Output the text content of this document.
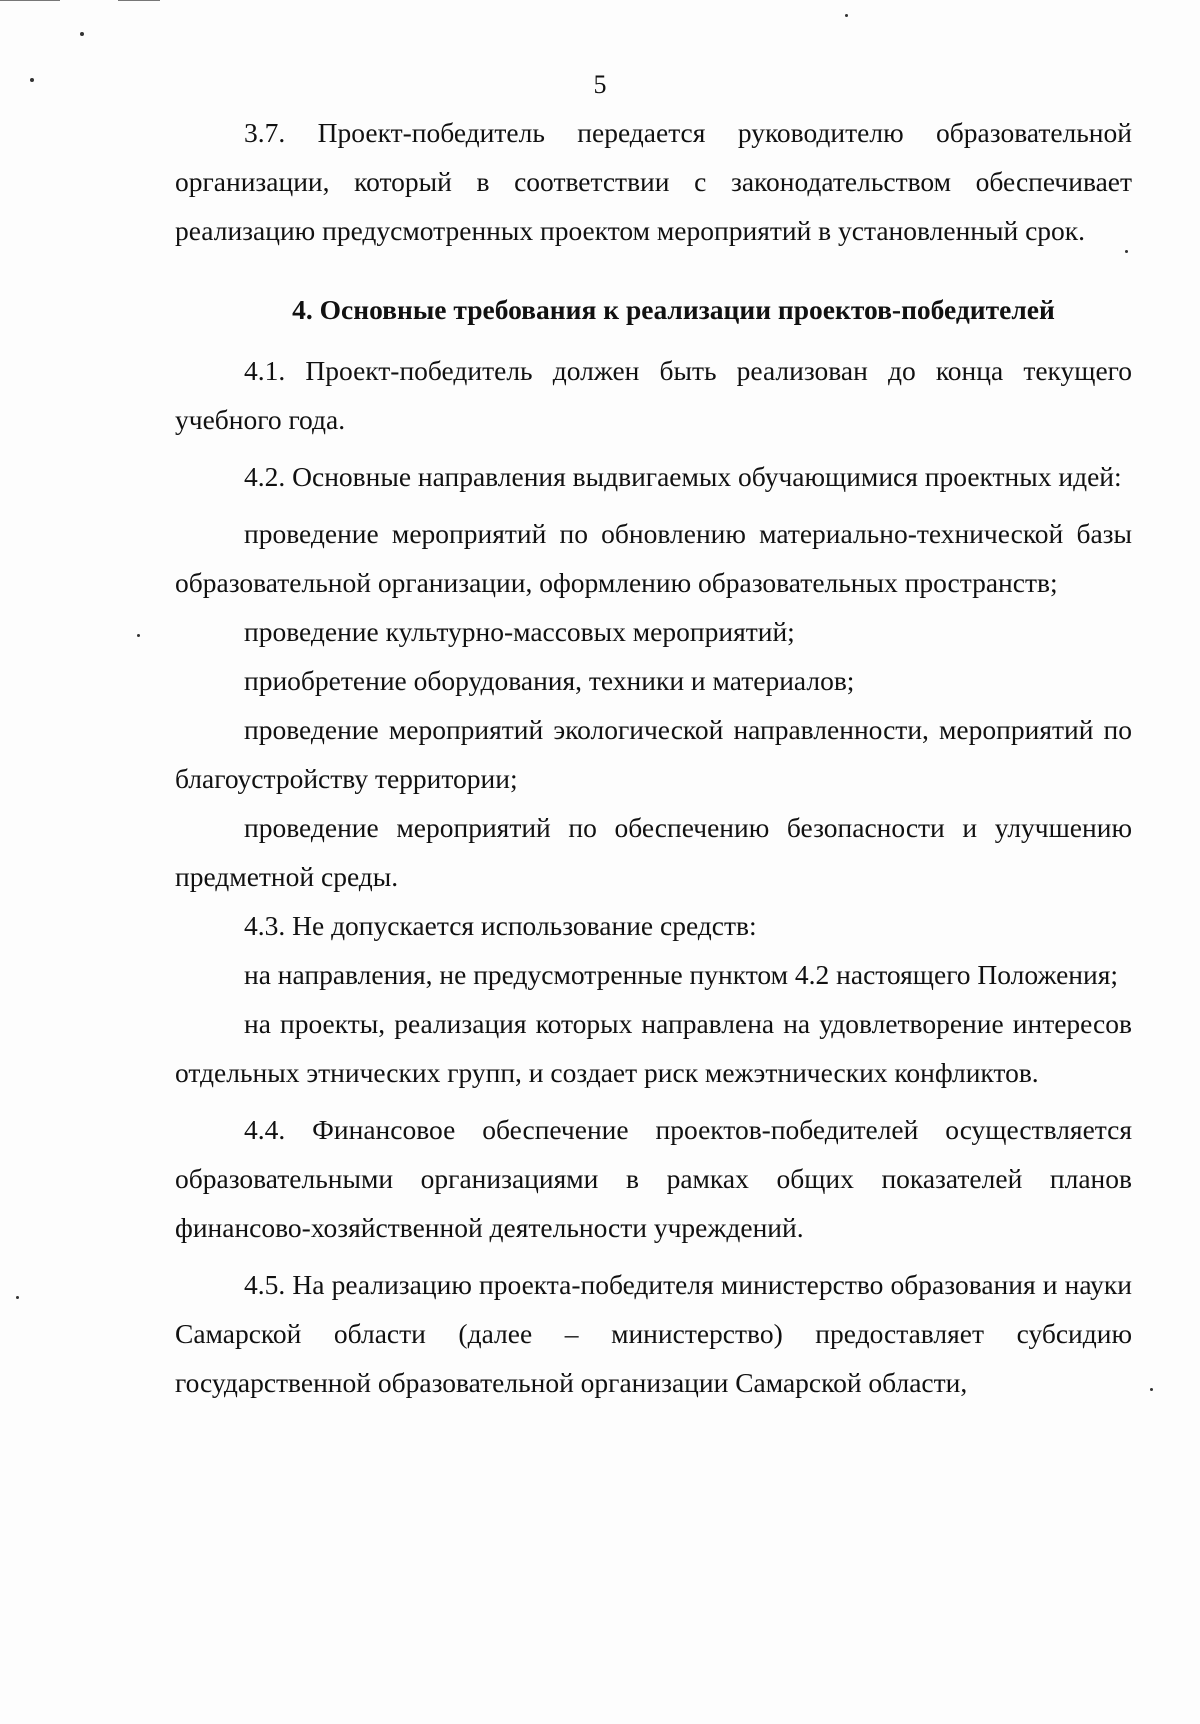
5

3.7. Проект-победитель передается руководителю образовательной организации, который в соответствии с законодательством обеспечивает реализацию предусмотренных проектом мероприятий в установленный срок.

4. Основные требования к реализации проектов-победителей

4.1. Проект-победитель должен быть реализован до конца текущего учебного года.

4.2. Основные направления выдвигаемых обучающимися проектных идей:

проведение мероприятий по обновлению материально-технической базы образовательной организации, оформлению образовательных пространств;

проведение культурно-массовых мероприятий;

приобретение оборудования, техники и материалов;

проведение мероприятий экологической направленности, мероприятий по благоустройству территории;

проведение мероприятий по обеспечению безопасности и улучшению предметной среды.

4.3. Не допускается использование средств:

на направления, не предусмотренные пунктом 4.2 настоящего Положения;

на проекты, реализация которых направлена на удовлетворение интересов отдельных этнических групп, и создает риск межэтнических конфликтов.

4.4. Финансовое обеспечение проектов-победителей осуществляется образовательными организациями в рамках общих показателей планов финансово-хозяйственной деятельности учреждений.

4.5. На реализацию проекта-победителя министерство образования и науки Самарской области (далее – министерство) предоставляет субсидию государственной образовательной организации Самарской области,
